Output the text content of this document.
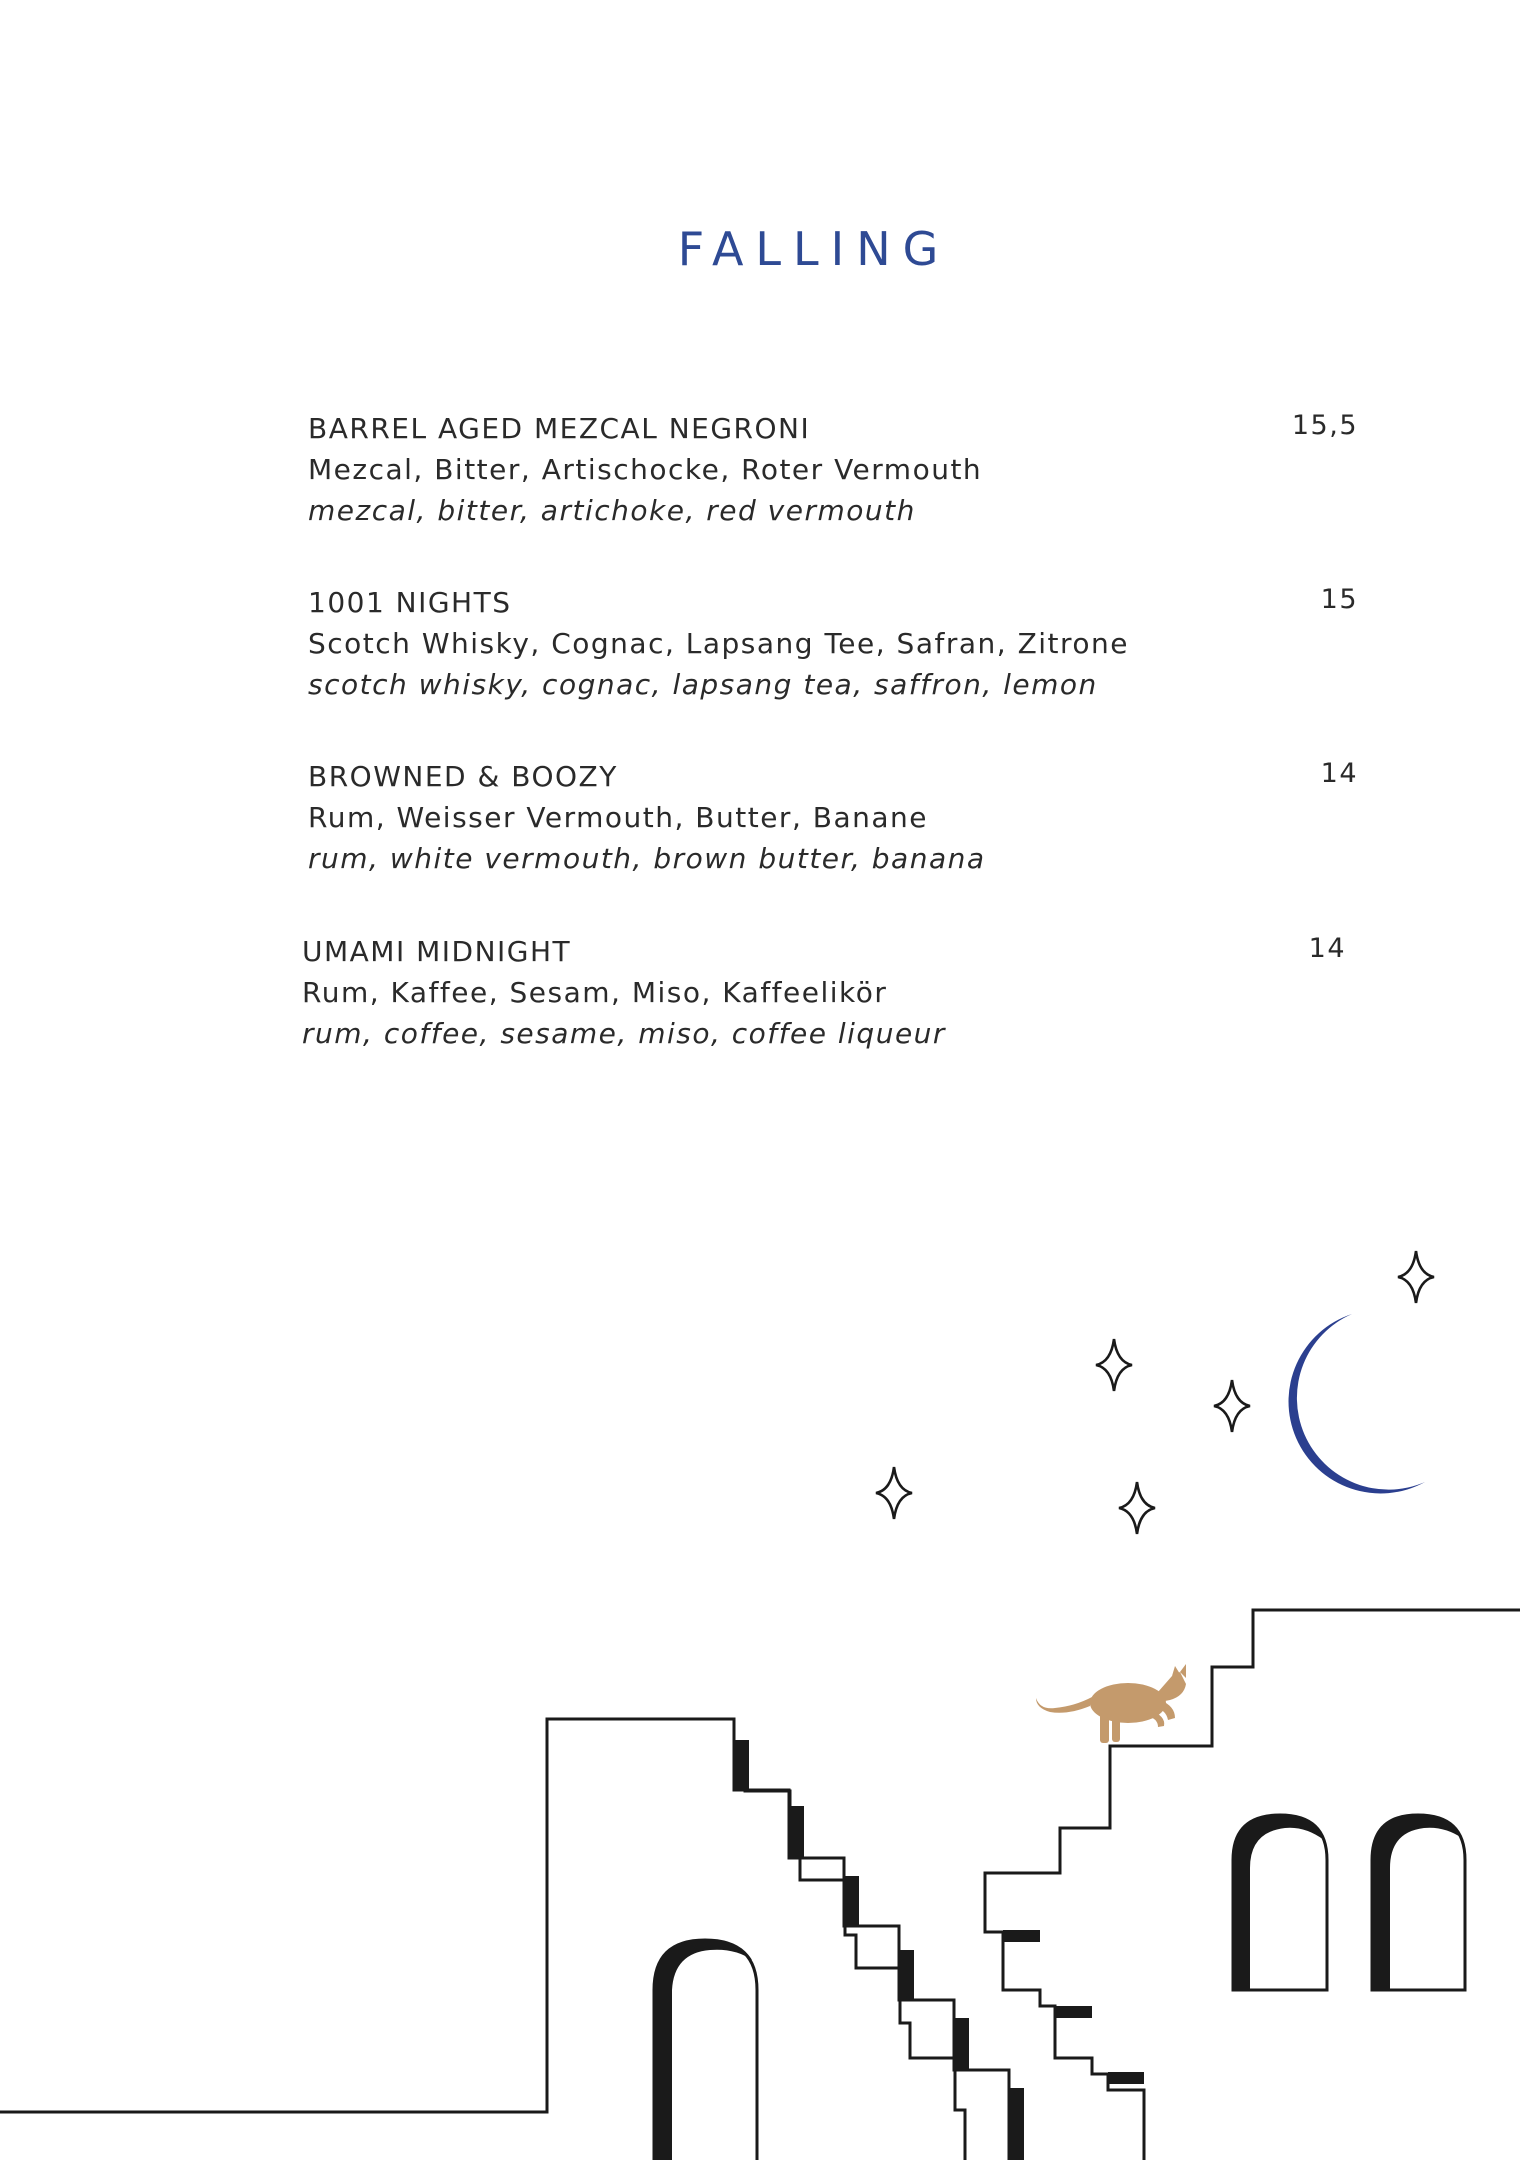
FALLING
BARREL AGED MEZCAL NEGRONI
Mezcal, Bitter, Artischocke, Roter Vermouth
mezcal, bitter, artichoke, red vermouth
15,5
1001 NIGHTS
Scotch Whisky, Cognac, Lapsang Tee, Safran, Zitrone
scotch whisky, cognac, lapsang tea, saffron, lemon
15
BROWNED & BOOZY
Rum, Weisser Vermouth, Butter, Banane
rum, white vermouth, brown butter, banana
14
UMAMI MIDNIGHT
Rum, Kaffee, Sesam, Miso, Kaffeelikör
rum, coffee, sesame, miso, coffee liqueur
14
